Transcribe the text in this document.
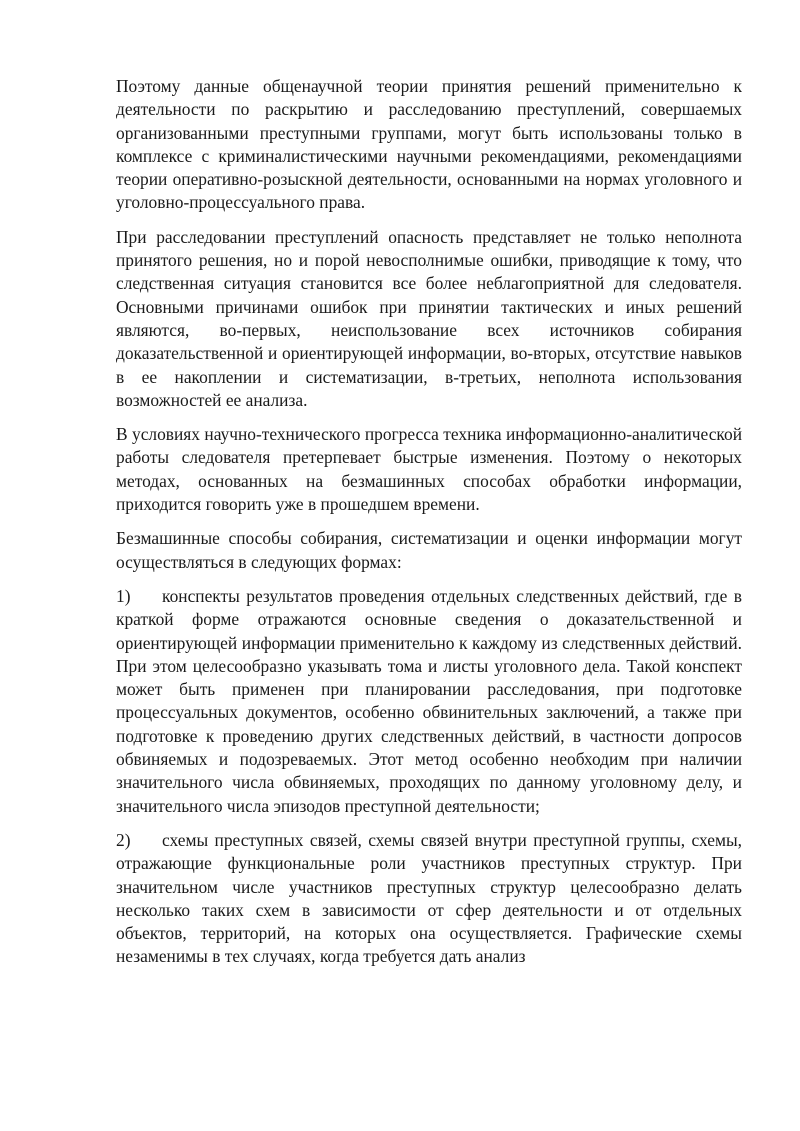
Поэтому данные общенаучной теории принятия решений применительно к деятельности по раскрытию и расследованию преступлений, совершаемых организованными преступными группами, могут быть использованы только в комплексе с криминалистическими научными рекомендациями, рекомендациями теории оперативно-розыскной деятельности, основанными на нормах уголовного и уголовно-процессуального права.

При расследовании преступлений опасность представляет не только неполнота принятого решения, но и порой невосполнимые ошибки, приводящие к тому, что следственная ситуация становится все более неблагоприятной для следователя. Основными причинами ошибок при принятии тактических и иных решений являются, во-первых, неиспользование всех источников собирания доказательственной и ориентирующей информации, во-вторых, отсутствие навыков в ее накоплении и систематизации, в-третьих, неполнота использования возможностей ее анализа.

В условиях научно-технического прогресса техника информационно-аналитической работы следователя претерпевает быстрые изменения. Поэтому о некоторых методах, основанных на безмашинных способах обработки информации, приходится говорить уже в прошедшем времени.

Безмашинные способы собирания, систематизации и оценки информации могут осуществляться в следующих формах:

1) конспекты результатов проведения отдельных следственных действий, где в краткой форме отражаются основные сведения о доказательственной и ориентирующей информации применительно к каждому из следственных действий. При этом целесообразно указывать тома и листы уголовного дела. Такой конспект может быть применен при планировании расследования, при подготовке процессуальных документов, особенно обвинительных заключений, а также при подготовке к проведению других следственных действий, в частности допросов обвиняемых и подозреваемых. Этот метод особенно необходим при наличии значительного числа обвиняемых, проходящих по данному уголовному делу, и значительного числа эпизодов преступной деятельности;

2) схемы преступных связей, схемы связей внутри преступной группы, схемы, отражающие функциональные роли участников преступных структур. При значительном числе участников преступных структур целесообразно делать несколько таких схем в зависимости от сфер деятельности и от отдельных объектов, территорий, на которых она осуществляется. Графические схемы незаменимы в тех случаях, когда требуется дать анализ
